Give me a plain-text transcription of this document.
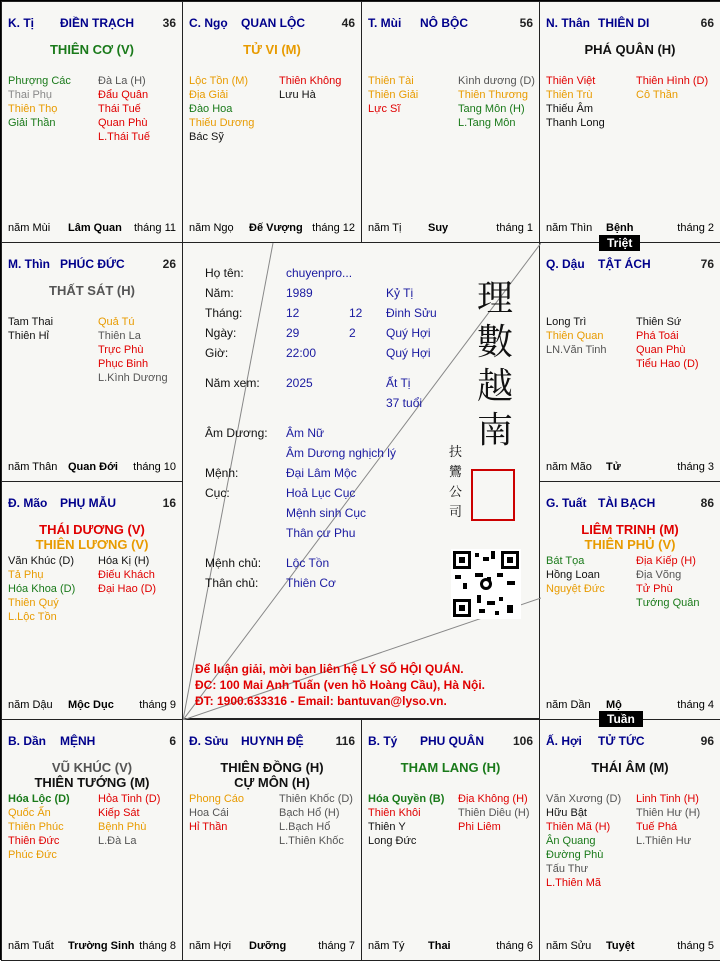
K. Tị ĐIỀN TRẠCH 36
THIÊN CƠ (V)
Phượng Các
Thai Phụ
Thiên Thọ
Giải Thần
Đà La (H)
Đẩu Quân
Thái Tuế
Quan Phù
L.Thái Tuế
năm Mùi Lâm Quan tháng 11
C. Ngọ QUAN LỘC	46
TỬ VI (M)
Lộc Tồn (M)
Địa Giải
Đào Hoa
Thiếu Dương
Bác Sỹ
Thiên Không
Lưu Hà
năm Ngọ Đế Vượng tháng 12
T. Mùi NÔ BỘC	56
Thiên Tài
Thiên Giải
Lực Sĩ
Kình dương (D)
Thiên Thương
Tang Môn (H)
L.Tang Môn
năm Tị Suy	tháng 1
N. Thân THIÊN DI	66
PHÁ QUÂN (H)
Thiên Việt
Thiên Trù
Thiếu Âm
Thanh Long
Thiên Hình (D)
Cô Thần
năm Thìn Bệnh	tháng 2
M. Thìn PHÚC ĐỨC	26
THẤT SÁT (H)
Tam Thai
Thiên Hỉ
Quả Tú
Thiên La
Trực Phù
Phục Binh
L.Kình Dương
năm Thân Quan Đới tháng 10
Q. Dậu TẬT ÁCH	76
Long Trì
Thiên Quan
LN.Văn Tinh
Thiên Sứ
Phá Toái
Quan Phù
Tiểu Hao (D)
năm Mão Tử	tháng 3
Đ. Mão PHỤ MẪU	16
THÁI DƯƠNG (V)
THIÊN LƯƠNG (V)
Văn Khúc (D)
Tả Phụ
Hóa Khoa (D)
Thiên Quý
L.Lộc Tồn
Hóa Kị (H)
Điếu Khách
Đại Hao (D)
năm Dậu Mộc Dục tháng 9
G. Tuất TÀI BẠCH	86
LIÊM TRINH (M)
THIÊN PHỦ (V)
Bát Tọa
Hồng Loan
Nguyệt Đức
Địa Kiếp (H)
Địa Võng
Tử Phù
Tướng Quân
năm Dần Mộ	tháng 4
B. Dần MỆNH	6
VŨ KHÚC (V)
THIÊN TƯỚNG (M)
Hóa Lộc (D)
Quốc Ấn
Thiên Phúc
Thiên Đức
Phúc Đức
Hỏa Tinh (D)
Kiếp Sát
Bệnh Phù
L.Đà La
năm Tuất Trường Sinh tháng 8
Đ. Sửu HUYNH ĐỆ	116
THIÊN ĐỒNG (H)
CỰ MÔN (H)
Phong Cáo
Hoa Cái
Hỉ Thần
Thiên Khốc (D)
Bạch Hổ (H)
L.Bạch Hổ
L.Thiên Khốc
năm Hợi Dưỡng	tháng 7
B. Tý PHU QUÂN 106
THAM LANG (H)
Hóa Quyền (B)
Thiên Khôi
Thiên Y
Long Đức
Địa Không (H)
Thiên Diêu (H)
Phi Liêm
năm Tý Thai	tháng 6
Ấ. Hợi TỬ TỨC	96
THÁI ÂM (M)
Văn Xương (D)
Hữu Bật
Thiên Mã (H)
Ân Quang
Đường Phù
Tấu Thư
L.Thiên Mã
Linh Tinh (H)
Thiên Hư (H)
Tuế Phá
L.Thiên Hư
năm Sửu Tuyệt	tháng 5
Họ tên:	chuyenpro...
Năm:	1989	Kỷ Tị
Tháng:	12	12 Đinh Sửu
Ngày:	29	2	Quý Hợi
Giờ:	22:00	Quý Hợi
Năm xem: 2025	Ất Tị
37 tuổi
Âm Dương: Âm Nữ
Âm Dương nghịch lý
Mệnh:	Đại Lâm Mộc
Cục:	Hoả Lục Cục
Mệnh sinh Cục
Thân cư Phu
Mệnh chủ: Lộc Tồn
Thân chủ: Thiên Cơ
理
數
越
南
扶
鸞
公
司
Để luận giải, mời bạn liên hệ LÝ SỐ HỘI QUÁN.
ĐC: 100 Mai Anh Tuấn (ven hồ Hoàng Cầu), Hà Nội.
ĐT: 1900.633316 - Email: bantuvan@lyso.vn.
Triệt
Tuần
